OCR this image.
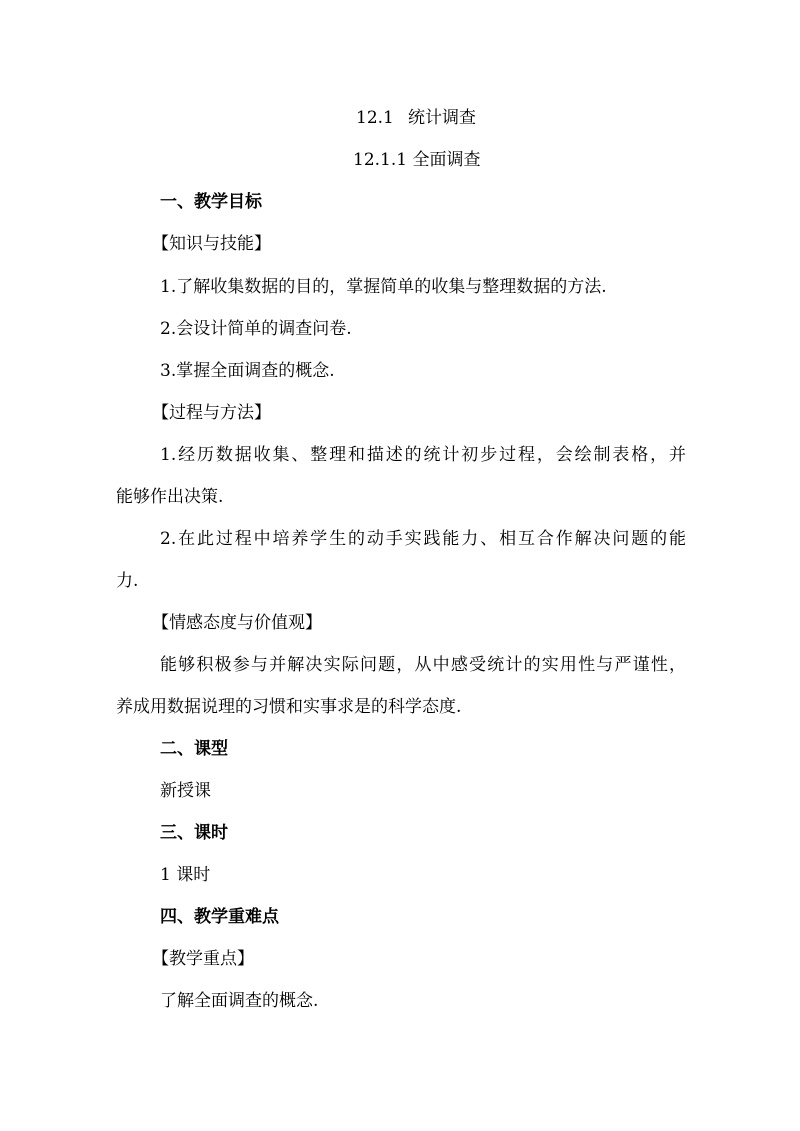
12.1 统计调查
12.1.1 全面调查
一、教学目标
【知识与技能】
1.了解收集数据的目的，掌握简单的收集与整理数据的方法.
2.会设计简单的调查问卷.
3.掌握全面调查的概念.
【过程与方法】
1.经历数据收集、整理和描述的统计初步过程，会绘制表格，并
能够作出决策.
2.在此过程中培养学生的动手实践能力、相互合作解决问题的能
力.
【情感态度与价值观】
能够积极参与并解决实际问题，从中感受统计的实用性与严谨性，
养成用数据说理的习惯和实事求是的科学态度.
二、课型
新授课
三、课时
1 课时
四、教学重难点
【教学重点】
了解全面调查的概念.
